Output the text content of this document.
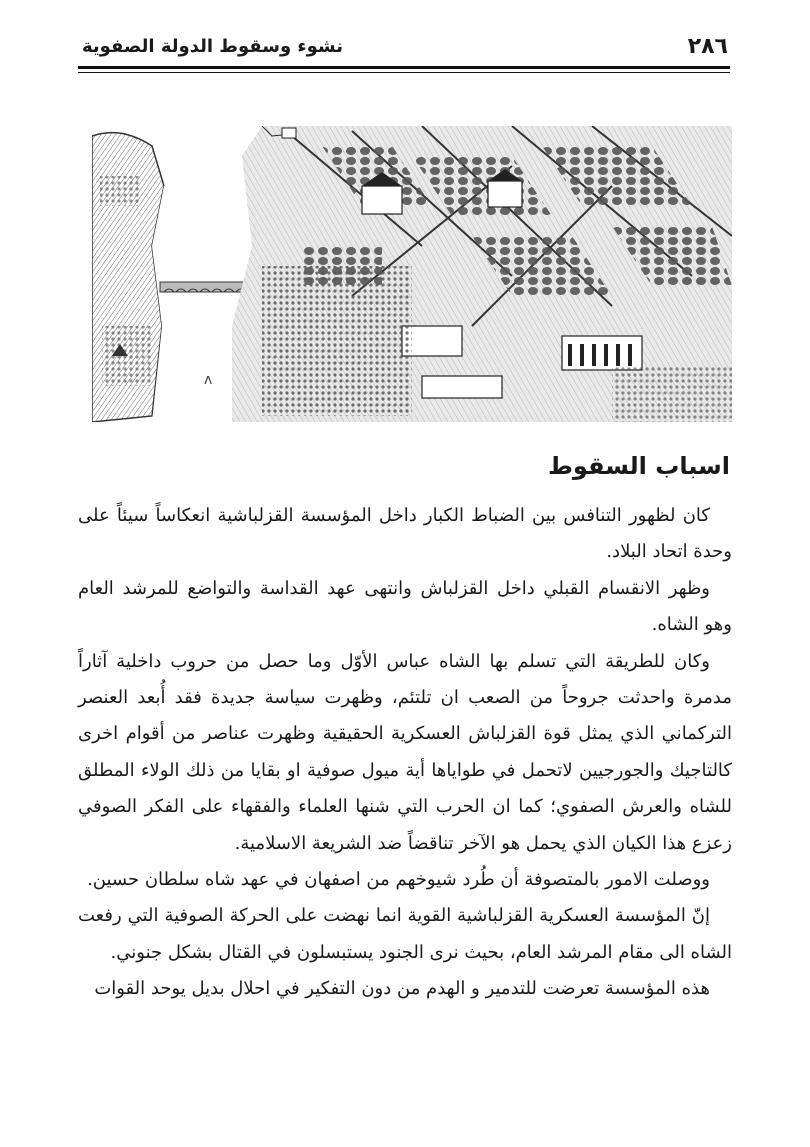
٢٨٦
نشوء وسقوط الدولة الصفوية
ʌ
اسباب السقوط

كان لظهور التنافس بين الضباط الكبار داخل المؤسسة القزلباشية انعكاساً سيئاً على وحدة اتحاد البلاد.

وظهر الانقسام القبلي داخل القزلباش وانتهى عهد القداسة والتواضع للمرشد العام وهو الشاه.

وكان للطريقة التي تسلم بها الشاه عباس الأوّل وما حصل من حروب داخلية آثاراً مدمرة واحدثت جروحاً من الصعب ان تلتئم، وظهرت سياسة جديدة فقد أُبعد العنصر التركماني الذي يمثل قوة القزلباش العسكرية الحقيقية وظهرت عناصر من أقوام اخرى كالتاجيك والجورجيين لاتحمل في طواياها أية ميول صوفية او بقايا من ذلك الولاء المطلق للشاه والعرش الصفوي؛ كما ان الحرب التي شنها العلماء والفقهاء على الفكر الصوفي زعزع هذا الكيان الذي يحمل هو الآخر تناقضاً ضد الشريعة الاسلامية.

ووصلت الامور بالمتصوفة أن طُرد شيوخهم من اصفهان في عهد شاه سلطان حسين.

إنّ المؤسسة العسكرية القزلباشية القوية انما نهضت على الحركة الصوفية التي رفعت الشاه الى مقام المرشد العام، بحيث نرى الجنود يستبسلون في القتال بشكل جنوني.

هذه المؤسسة تعرضت للتدمير و الهدم من دون التفكير في احلال بديل يوحد القوات
